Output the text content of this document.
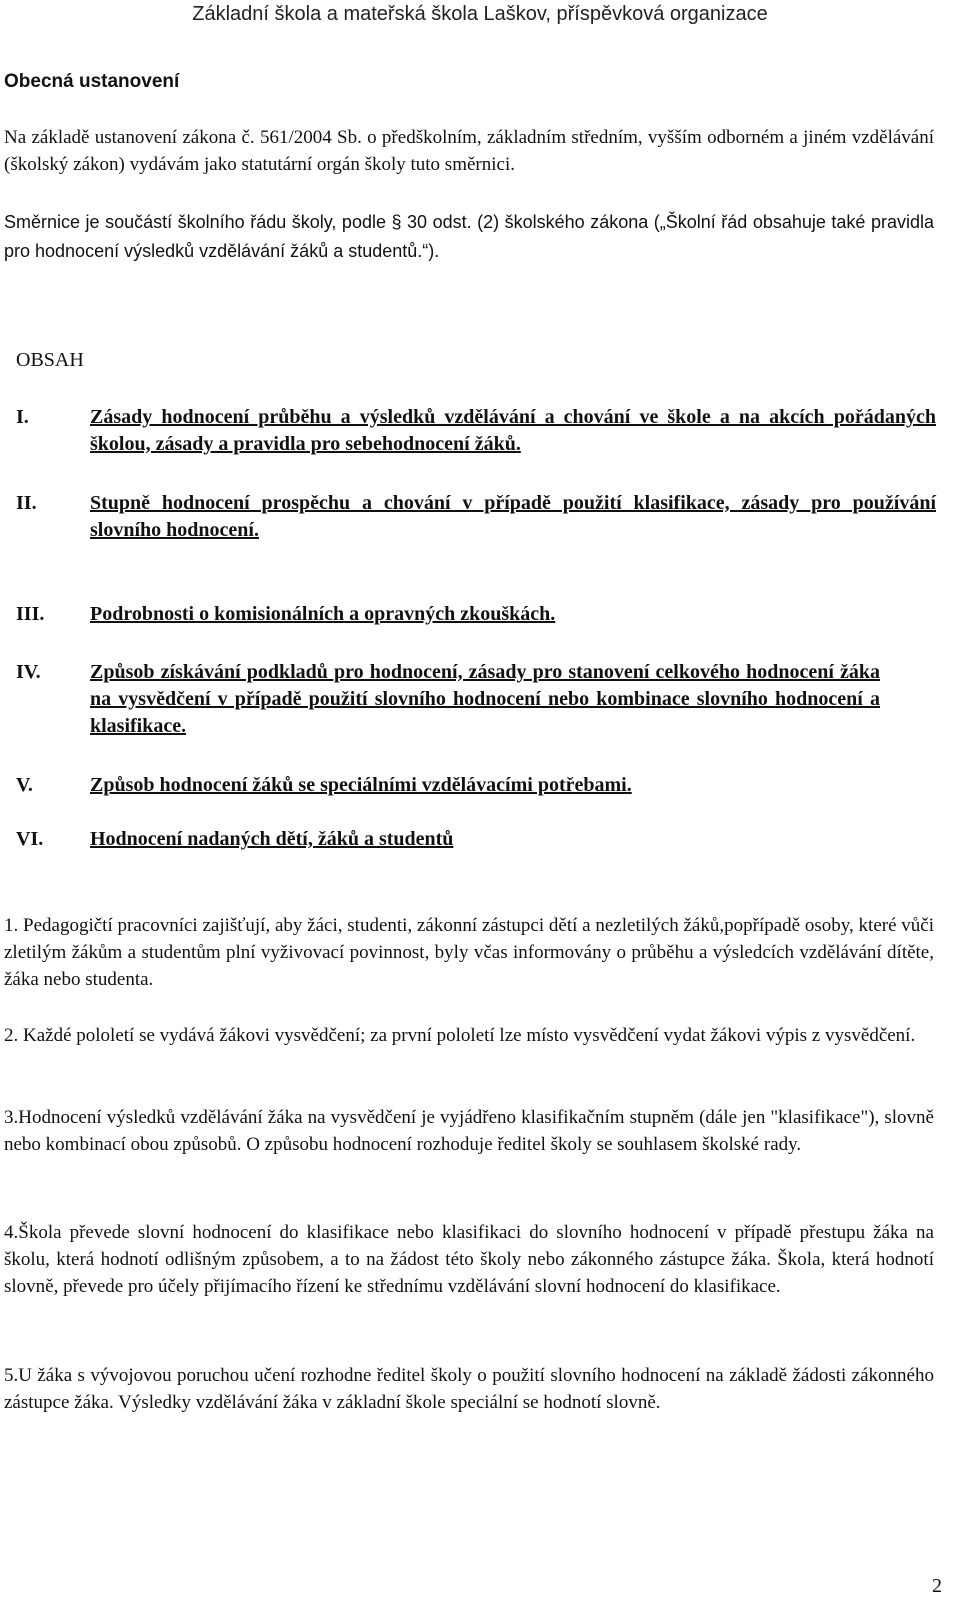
Základní škola a mateřská škola Laškov, příspěvková organizace
Obecná ustanovení
Na základě ustanovení zákona č. 561/2004 Sb. o předškolním, základním středním, vyšším odborném a jiném vzdělávání (školský zákon) vydávám jako statutární orgán školy tuto směrnici.
Směrnice je součástí školního řádu školy, podle § 30 odst. (2) školského zákona („Školní řád obsahuje také pravidla pro hodnocení výsledků vzdělávání žáků a studentů.“).
OBSAH
I.	Zásady hodnocení průběhu a výsledků vzdělávání a chování ve škole a na akcích pořádaných školou, zásady a pravidla pro sebehodnocení žáků.
II.	Stupně hodnocení prospěchu a chování v případě použití klasifikace, zásady pro používání slovního hodnocení.
III. Podrobnosti o komisionálních a opravných zkouškách.
IV. Způsob získávání podkladů pro hodnocení, zásady pro stanovení celkového hodnocení žáka na vysvědčení v případě použití slovního hodnocení nebo kombinace slovního hodnocení a klasifikace.
V.	Způsob hodnocení žáků se speciálními vzdělávacími potřebami.
VI. Hodnocení nadaných dětí, žáků a studentů
1. Pedagogičtí pracovníci zajišťují, aby žáci, studenti, zákonní zástupci dětí a nezletilých žáků,popřípadě osoby, které vůči zletilým žákům a studentům plní vyživovací povinnost, byly včas informovány o průběhu a výsledcích vzdělávání dítěte, žáka nebo studenta.
2. Každé pololetí se vydává žákovi vysvědčení; za první pololetí lze místo vysvědčení vydat žákovi výpis z vysvědčení.
3.Hodnocení výsledků vzdělávání žáka na vysvědčení je vyjádřeno klasifikačním stupněm (dále jen "klasifikace"), slovně nebo kombinací obou způsobů. O způsobu hodnocení rozhoduje ředitel školy se souhlasem školské rady.
4.Škola převede slovní hodnocení do klasifikace nebo klasifikaci do slovního hodnocení v případě přestupu žáka na školu, která hodnotí odlišným způsobem, a to na žádost této školy nebo zákonného zástupce žáka. Škola, která hodnotí slovně, převede pro účely přijímacího řízení ke střednímu vzdělávání slovní hodnocení do klasifikace.
5.U žáka s vývojovou poruchou učení rozhodne ředitel školy o použití slovního hodnocení na základě žádosti zákonného zástupce žáka. Výsledky vzdělávání žáka v základní škole speciální se hodnotí slovně.
2
